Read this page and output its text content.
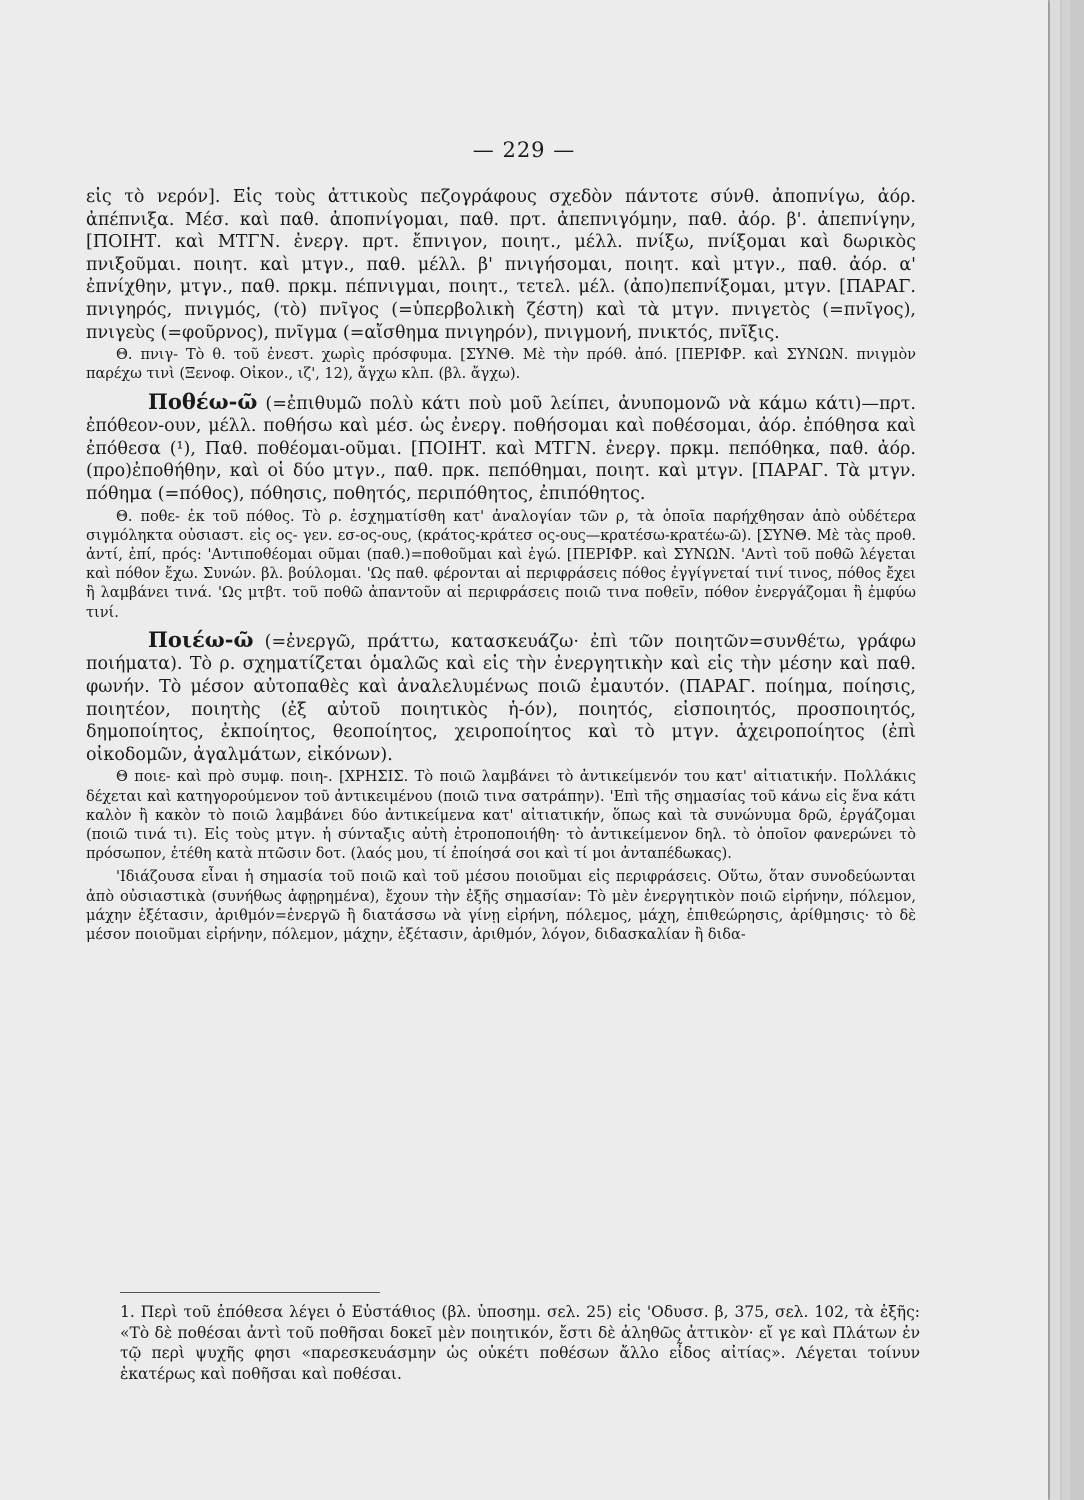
— 229 —

εἰς τὸ νερόν]. Εἰς τοὺς ἀττικοὺς πεζογράφους σχεδὸν πάντοτε σύνθ. ἀποπνίγω, ἀόρ. ἀπέπνιξα. Μέσ. καὶ παθ. ἀποπνίγομαι, παθ. πρτ. ἀπεπνιγόμην, παθ. ἀόρ. β'. ἀπεπνίγην, [ΠΟΙΗΤ. καὶ ΜΤΓΝ. ἐνεργ. πρτ. ἔπνιγον, ποιητ., μέλλ. πνίξω, πνίξομαι καὶ δωρικὸς πνιξοῦμαι. ποιητ. καὶ μτγν., παθ. μέλλ. β' πνιγήσομαι, ποιητ. καὶ μτγν., παθ. ἀόρ. α' ἐπνίχθην, μτγν., παθ. πρκμ. πέπνιγμαι, ποιητ., τετελ. μέλ. (ἀπο)πεπνίξομαι, μτγν. [ΠΑΡΑΓ. πνιγηρός, πνιγμός, (τὸ) πνῖγος (=ὑπερβολικὴ ζέστη) καὶ τὰ μτγν. πνιγετὸς (=πνῖγος), πνιγεὺς (=φοῦρνος), πνῖγμα (=αἴσθημα πνιγηρόν), πνιγμονή, πνικτός, πνῖξις.

Θ. πνιγ- Τὸ θ. τοῦ ἐνεστ. χωρὶς πρόσφυμα. [ΣΥΝΘ. Μὲ τὴν πρόθ. ἀπό. [ΠΕΡΙΦΡ. καὶ ΣΥΝΩΝ. πνιγμὸν παρέχω τινὶ (Ξενοφ. Οἰκον., ιζ', 12), ἄγχω κλπ. (βλ. ἄγχω).

Ποθέω-ῶ (=ἐπιθυμῶ πολὺ κάτι ποὺ μοῦ λείπει, ἀνυπομονῶ νὰ κάμω κάτι)—πρτ. ἐπόθεον-ουν, μέλλ. ποθήσω καὶ μέσ. ὡς ἐνεργ. ποθήσομαι καὶ ποθέσομαι, ἀόρ. ἐπόθησα καὶ ἐπόθεσα (¹), Παθ. ποθέομαι-οῦμαι. [ΠΟΙΗΤ. καὶ ΜΤΓΝ. ἐνεργ. πρκμ. πεπόθηκα, παθ. ἀόρ. (προ)ἐποθήθην, καὶ οἱ δύο μτγν., παθ. πρκ. πεπόθημαι, ποιητ. καὶ μτγν. [ΠΑΡΑΓ. Τὰ μτγν. πόθημα (=πόθος), πόθησις, ποθητός, περιπόθητος, ἐπιπόθητος.

Θ. ποθε- ἐκ τοῦ πόθος. Τὸ ρ. ἐσχηματίσθη κατ' ἀναλογίαν τῶν ρ, τὰ ὁποῖα παρήχθησαν ἀπὸ οὐδέτερα σιγμόληκτα οὐσιαστ. εἰς ος- γεν. εσ-ος-ους, (κράτος-κράτεσ ος-ους—κρατέσω-κρατέω-ῶ). [ΣΥΝΘ. Μὲ τὰς προθ. ἀντί, ἐπί, πρός: 'Αντιποθέομαι οῦμαι (παθ.)=ποθοῦμαι καὶ ἐγώ. [ΠΕΡΙΦΡ. καὶ ΣΥΝΩΝ. 'Αντὶ τοῦ ποθῶ λέγεται καὶ πόθον ἔχω. Συνών. βλ. βούλομαι. 'Ως παθ. φέρονται αἱ περιφράσεις πόθος ἐγγίγνεταί τινί τινος, πόθος ἔχει ἢ λαμβάνει τινά. 'Ως μτβτ. τοῦ ποθῶ ἀπαντοῦν αἱ περιφράσεις ποιῶ τινα ποθεῖν, πόθον ἐνεργάζομαι ἢ ἐμφύω τινί.

Ποιέω-ῶ (=ἐνεργῶ, πράττω, κατασκευάζω· ἐπὶ τῶν ποιητῶν=συνθέτω, γράφω ποιήματα). Τὸ ρ. σχηματίζεται ὁμαλῶς καὶ εἰς τὴν ἐνεργητικὴν καὶ εἰς τὴν μέσην καὶ παθ. φωνήν. Τὸ μέσον αὐτοπαθὲς καὶ ἀναλελυμένως ποιῶ ἐμαυτόν. (ΠΑΡΑΓ. ποίημα, ποίησις, ποιητέον, ποιητὴς (ἐξ αὐτοῦ ποιητικὸς ἡ-όν), ποιητός, εἰσποιητός, προσποιητός, δημοποίητος, ἐκποίητος, θεοποίητος, χειροποίητος καὶ τὸ μτγν. ἀχειροποίητος (ἐπὶ οἰκοδομῶν, ἀγαλμάτων, εἰκόνων).

Θ ποιε- καὶ πρὸ συμφ. ποιη-. [ΧΡΗΣΙΣ. Τὸ ποιῶ λαμβάνει τὸ ἀντικείμενόν του κατ' αἰτιατικήν. Πολλάκις δέχεται καὶ κατηγορούμενον τοῦ ἀντικειμένου (ποιῶ τινα σατράπην). 'Επὶ τῆς σημασίας τοῦ κάνω εἰς ἕνα κάτι καλὸν ἢ κακὸν τὸ ποιῶ λαμβάνει δύο ἀντικείμενα κατ' αἰτιατικήν, ὅπως καὶ τὰ συνώνυμα δρῶ, ἐργάζομαι (ποιῶ τινά τι). Εἰς τοὺς μτγν. ἡ σύνταξις αὐτὴ ἐτροποποιήθη· τὸ ἀντικείμενον δηλ. τὸ ὁποῖον φανερώνει τὸ πρόσωπον, ἐτέθη κατὰ πτῶσιν δοτ. (λαός μου, τί ἐποίησά σοι καὶ τί μοι ἀνταπέδωκας).

'Ιδιάζουσα εἶναι ἡ σημασία τοῦ ποιῶ καὶ τοῦ μέσου ποιοῦμαι εἰς περιφράσεις. Οὕτω, ὅταν συνοδεύωνται ἀπὸ οὐσιαστικὰ (συνήθως ἀφῃρημένα), ἔχουν τὴν ἐξῆς σημασίαν: Τὸ μὲν ἐνεργητικὸν ποιῶ εἰρήνην, πόλεμον, μάχην ἐξέτασιν, ἀριθμόν=ἐνεργῶ ἢ διατάσσω νὰ γίνῃ εἰρήνη, πόλεμος, μάχη, ἐπιθεώρησις, ἀρίθμησις· τὸ δὲ μέσον ποιοῦμαι εἰρήνην, πόλεμον, μάχην, ἐξέτασιν, ἀριθμόν, λόγον, διδασκαλίαν ἢ διδα-

1. Περὶ τοῦ ἐπόθεσα λέγει ὁ Εὐστάθιος (βλ. ὑποσημ. σελ. 25) εἰς 'Οδυσσ. β, 375, σελ. 102, τὰ ἑξῆς: «Τὸ δὲ ποθέσαι ἀντὶ τοῦ ποθῆσαι δοκεῖ μὲν ποιητικόν, ἔστι δὲ ἀληθῶς ἀττικὸν· εἴ γε καὶ Πλάτων ἐν τῷ περὶ ψυχῆς φησι «παρεσκευάσμην ὡς οὐκέτι ποθέσων ἄλλο εἶδος αἰτίας». Λέγεται τοίνυν ἑκατέρως καὶ ποθῆσαι καὶ ποθέσαι.
